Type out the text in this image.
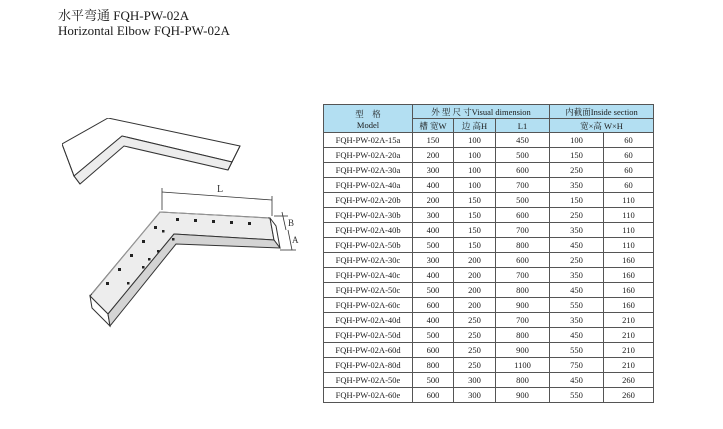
水平弯通 FQH-PW-02A
Horizontal Elbow FQH-PW-02A
L
B
A
型　格
Model	外 型 尺 寸Visual dimension			内截面Inside section	
	槽 宽W	边 高H	L1	宽×高 W×H	
FQH-PW-02A-15a	150	100	450	100	60
FQH-PW-02A-20a	200	100	500	150	60
FQH-PW-02A-30a	300	100	600	250	60
FQH-PW-02A-40a	400	100	700	350	60
FQH-PW-02A-20b	200	150	500	150	110
FQH-PW-02A-30b	300	150	600	250	110
FQH-PW-02A-40b	400	150	700	350	110
FQH-PW-02A-50b	500	150	800	450	110
FQH-PW-02A-30c	300	200	600	250	160
FQH-PW-02A-40c	400	200	700	350	160
FQH-PW-02A-50c	500	200	800	450	160
FQH-PW-02A-60c	600	200	900	550	160
FQH-PW-02A-40d	400	250	700	350	210
FQH-PW-02A-50d	500	250	800	450	210
FQH-PW-02A-60d	600	250	900	550	210
FQH-PW-02A-80d	800	250	1100	750	210
FQH-PW-02A-50e	500	300	800	450	260
FQH-PW-02A-60e	600	300	900	550	260
